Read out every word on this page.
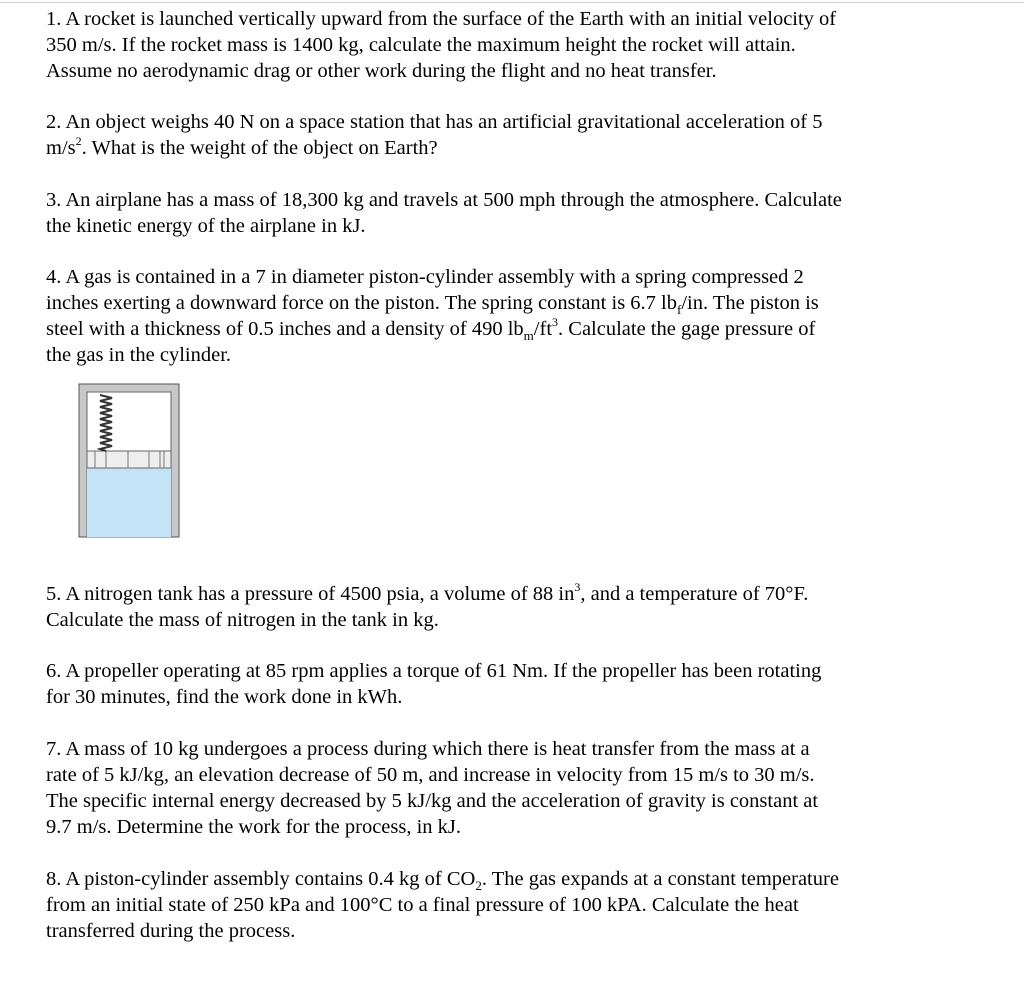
1. A rocket is launched vertically upward from the surface of the Earth with an initial velocity of
350 m/s. If the rocket mass is 1400 kg, calculate the maximum height the rocket will attain.
Assume no aerodynamic drag or other work during the flight and no heat transfer.

2. An object weighs 40 N on a space station that has an artificial gravitational acceleration of 5
$m/s^2$. What is the weight of the object on Earth?

3. An airplane has a mass of 18,300 kg and travels at 500 mph through the atmosphere. Calculate
the kinetic energy of the airplane in kJ.

4. A gas is contained in a 7 in diameter piston-cylinder assembly with a spring compressed 2
inches exerting a downward force on the piston. The spring constant is 6.7 $lb_f/in$. The piston is
steel with a thickness of 0.5 inches and a density of 490 $lb_m/ft^3$. Calculate the gage pressure of
the gas in the cylinder.

5. A nitrogen tank has a pressure of 4500 psia, a volume of 88 $in^3$, and a temperature of 70°F.
Calculate the mass of nitrogen in the tank in kg.

6. A propeller operating at 85 rpm applies a torque of 61 Nm. If the propeller has been rotating
for 30 minutes, find the work done in kWh.

7. A mass of 10 kg undergoes a process during which there is heat transfer from the mass at a
rate of 5 kJ/kg, an elevation decrease of 50 m, and increase in velocity from 15 m/s to 30 m/s.
The specific internal energy decreased by 5 kJ/kg and the acceleration of gravity is constant at
9.7 m/s. Determine the work for the process, in kJ.

8. A piston-cylinder assembly contains 0.4 kg of $CO_2$. The gas expands at a constant temperature
from an initial state of 250 kPa and 100°C to a final pressure of 100 kPA. Calculate the heat
transferred during the process.
